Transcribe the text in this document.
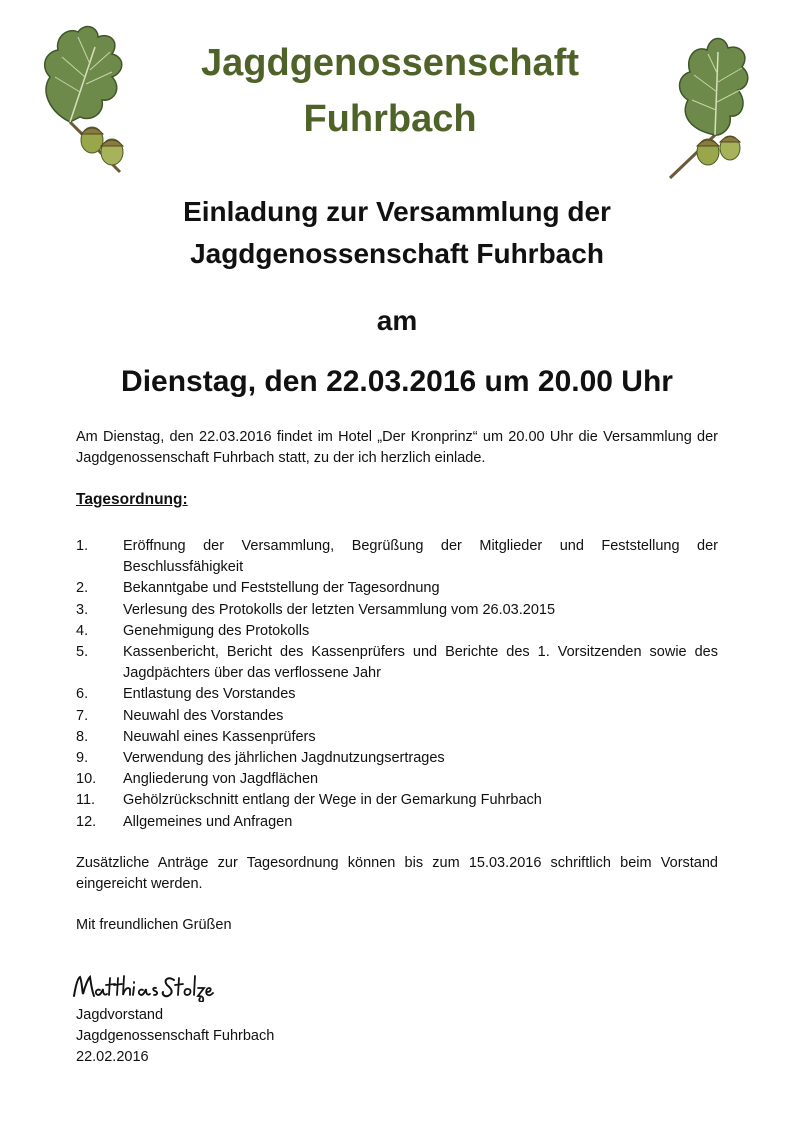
Jagdgenossenschaft
Fuhrbach
Einladung zur Versammlung der
Jagdgenossenschaft Fuhrbach
am
Dienstag, den 22.03.2016 um 20.00 Uhr
Am Dienstag, den 22.03.2016 findet im Hotel „Der Kronprinz“ um 20.00 Uhr die Versammlung der Jagdgenossenschaft Fuhrbach statt, zu der ich herzlich einlade.
Tagesordnung:
1. Eröffnung der Versammlung, Begrüßung der Mitglieder und Feststellung der Beschlussfähigkeit
2. Bekanntgabe und Feststellung der Tagesordnung
3. Verlesung des Protokolls der letzten Versammlung vom 26.03.2015
4. Genehmigung des Protokolls
5. Kassenbericht, Bericht des Kassenprüfers und Berichte des 1. Vorsitzenden sowie des Jagdpächters über das verflossene Jahr
6. Entlastung des Vorstandes
7. Neuwahl des Vorstandes
8. Neuwahl eines Kassenprüfers
9. Verwendung des jährlichen Jagdnutzungsertrages
10. Angliederung von Jagdflächen
11. Gehölzrückschnitt entlang der Wege in der Gemarkung Fuhrbach
12. Allgemeines und Anfragen
Zusätzliche Anträge zur Tagesordnung können bis zum 15.03.2016 schriftlich beim Vorstand eingereicht werden.
Mit freundlichen Grüßen
Jagdvorstand
Jagdgenossenschaft Fuhrbach
22.02.2016
